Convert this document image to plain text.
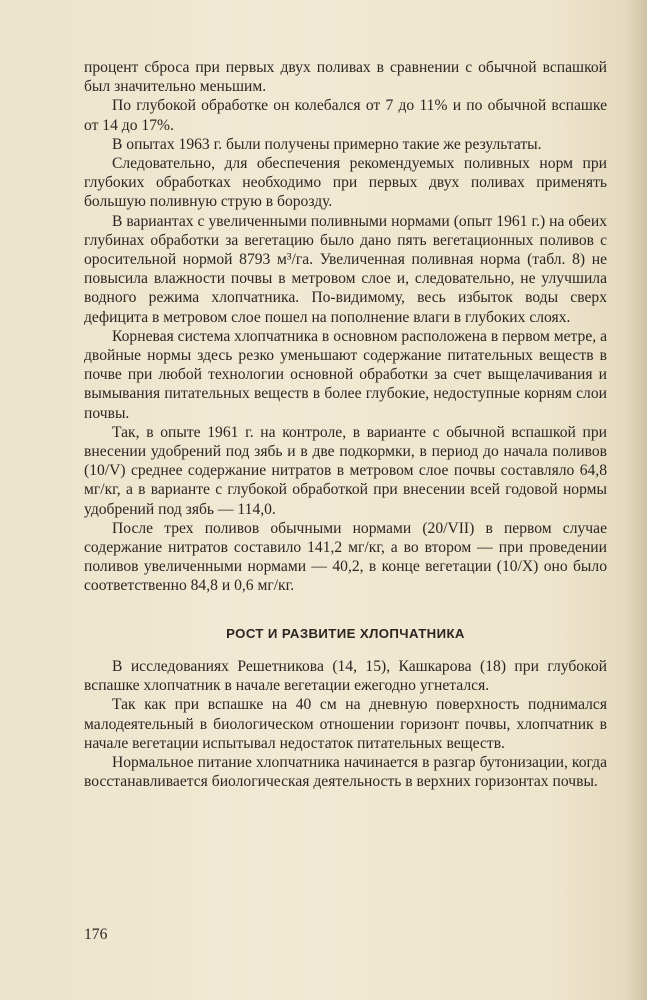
процент сброса при первых двух поливах в сравнении с обычной вспашкой был значительно меньшим.

По глубокой обработке он колебался от 7 до 11% и по обычной вспашке от 14 до 17%.

В опытах 1963 г. были получены примерно такие же результаты.

Следовательно, для обеспечения рекомендуемых поливных норм при глубоких обработках необходимо при первых двух поливах применять большую поливную струю в борозду.

В вариантах с увеличенными поливными нормами (опыт 1961 г.) на обеих глубинах обработки за вегетацию было дано пять вегетационных поливов с оросительной нормой 8793 м³/га. Увеличенная поливная норма (табл. 8) не повысила влажности почвы в метровом слое и, следовательно, не улучшила водного режима хлопчатника. По-видимому, весь избыток воды сверх дефицита в метровом слое пошел на пополнение влаги в глубоких слоях.

Корневая система хлопчатника в основном расположена в первом метре, а двойные нормы здесь резко уменьшают содержание питательных веществ в почве при любой технологии основной обработки за счет выщелачивания и вымывания питательных веществ в более глубокие, недоступные корням слои почвы.

Так, в опыте 1961 г. на контроле, в варианте с обычной вспашкой при внесении удобрений под зябь и в две подкормки, в период до начала поливов (10/V) среднее содержание нитратов в метровом слое почвы составляло 64,8 мг/кг, а в варианте с глубокой обработкой при внесении всей годовой нормы удобрений под зябь — 114,0.

После трех поливов обычными нормами (20/VII) в первом случае содержание нитратов составило 141,2 мг/кг, а во втором — при проведении поливов увеличенными нормами — 40,2, в конце вегетации (10/X) оно было соответственно 84,8 и 0,6 мг/кг.

РОСТ И РАЗВИТИЕ ХЛОПЧАТНИКА

В исследованиях Решетникова (14, 15), Кашкарова (18) при глубокой вспашке хлопчатник в начале вегетации ежегодно угнетался.

Так как при вспашке на 40 см на дневную поверхность поднимался малодеятельный в биологическом отношении горизонт почвы, хлопчатник в начале вегетации испытывал недостаток питательных веществ.

Нормальное питание хлопчатника начинается в разгар бутонизации, когда восстанавливается биологическая деятельность в верхних горизонтах почвы.

176
